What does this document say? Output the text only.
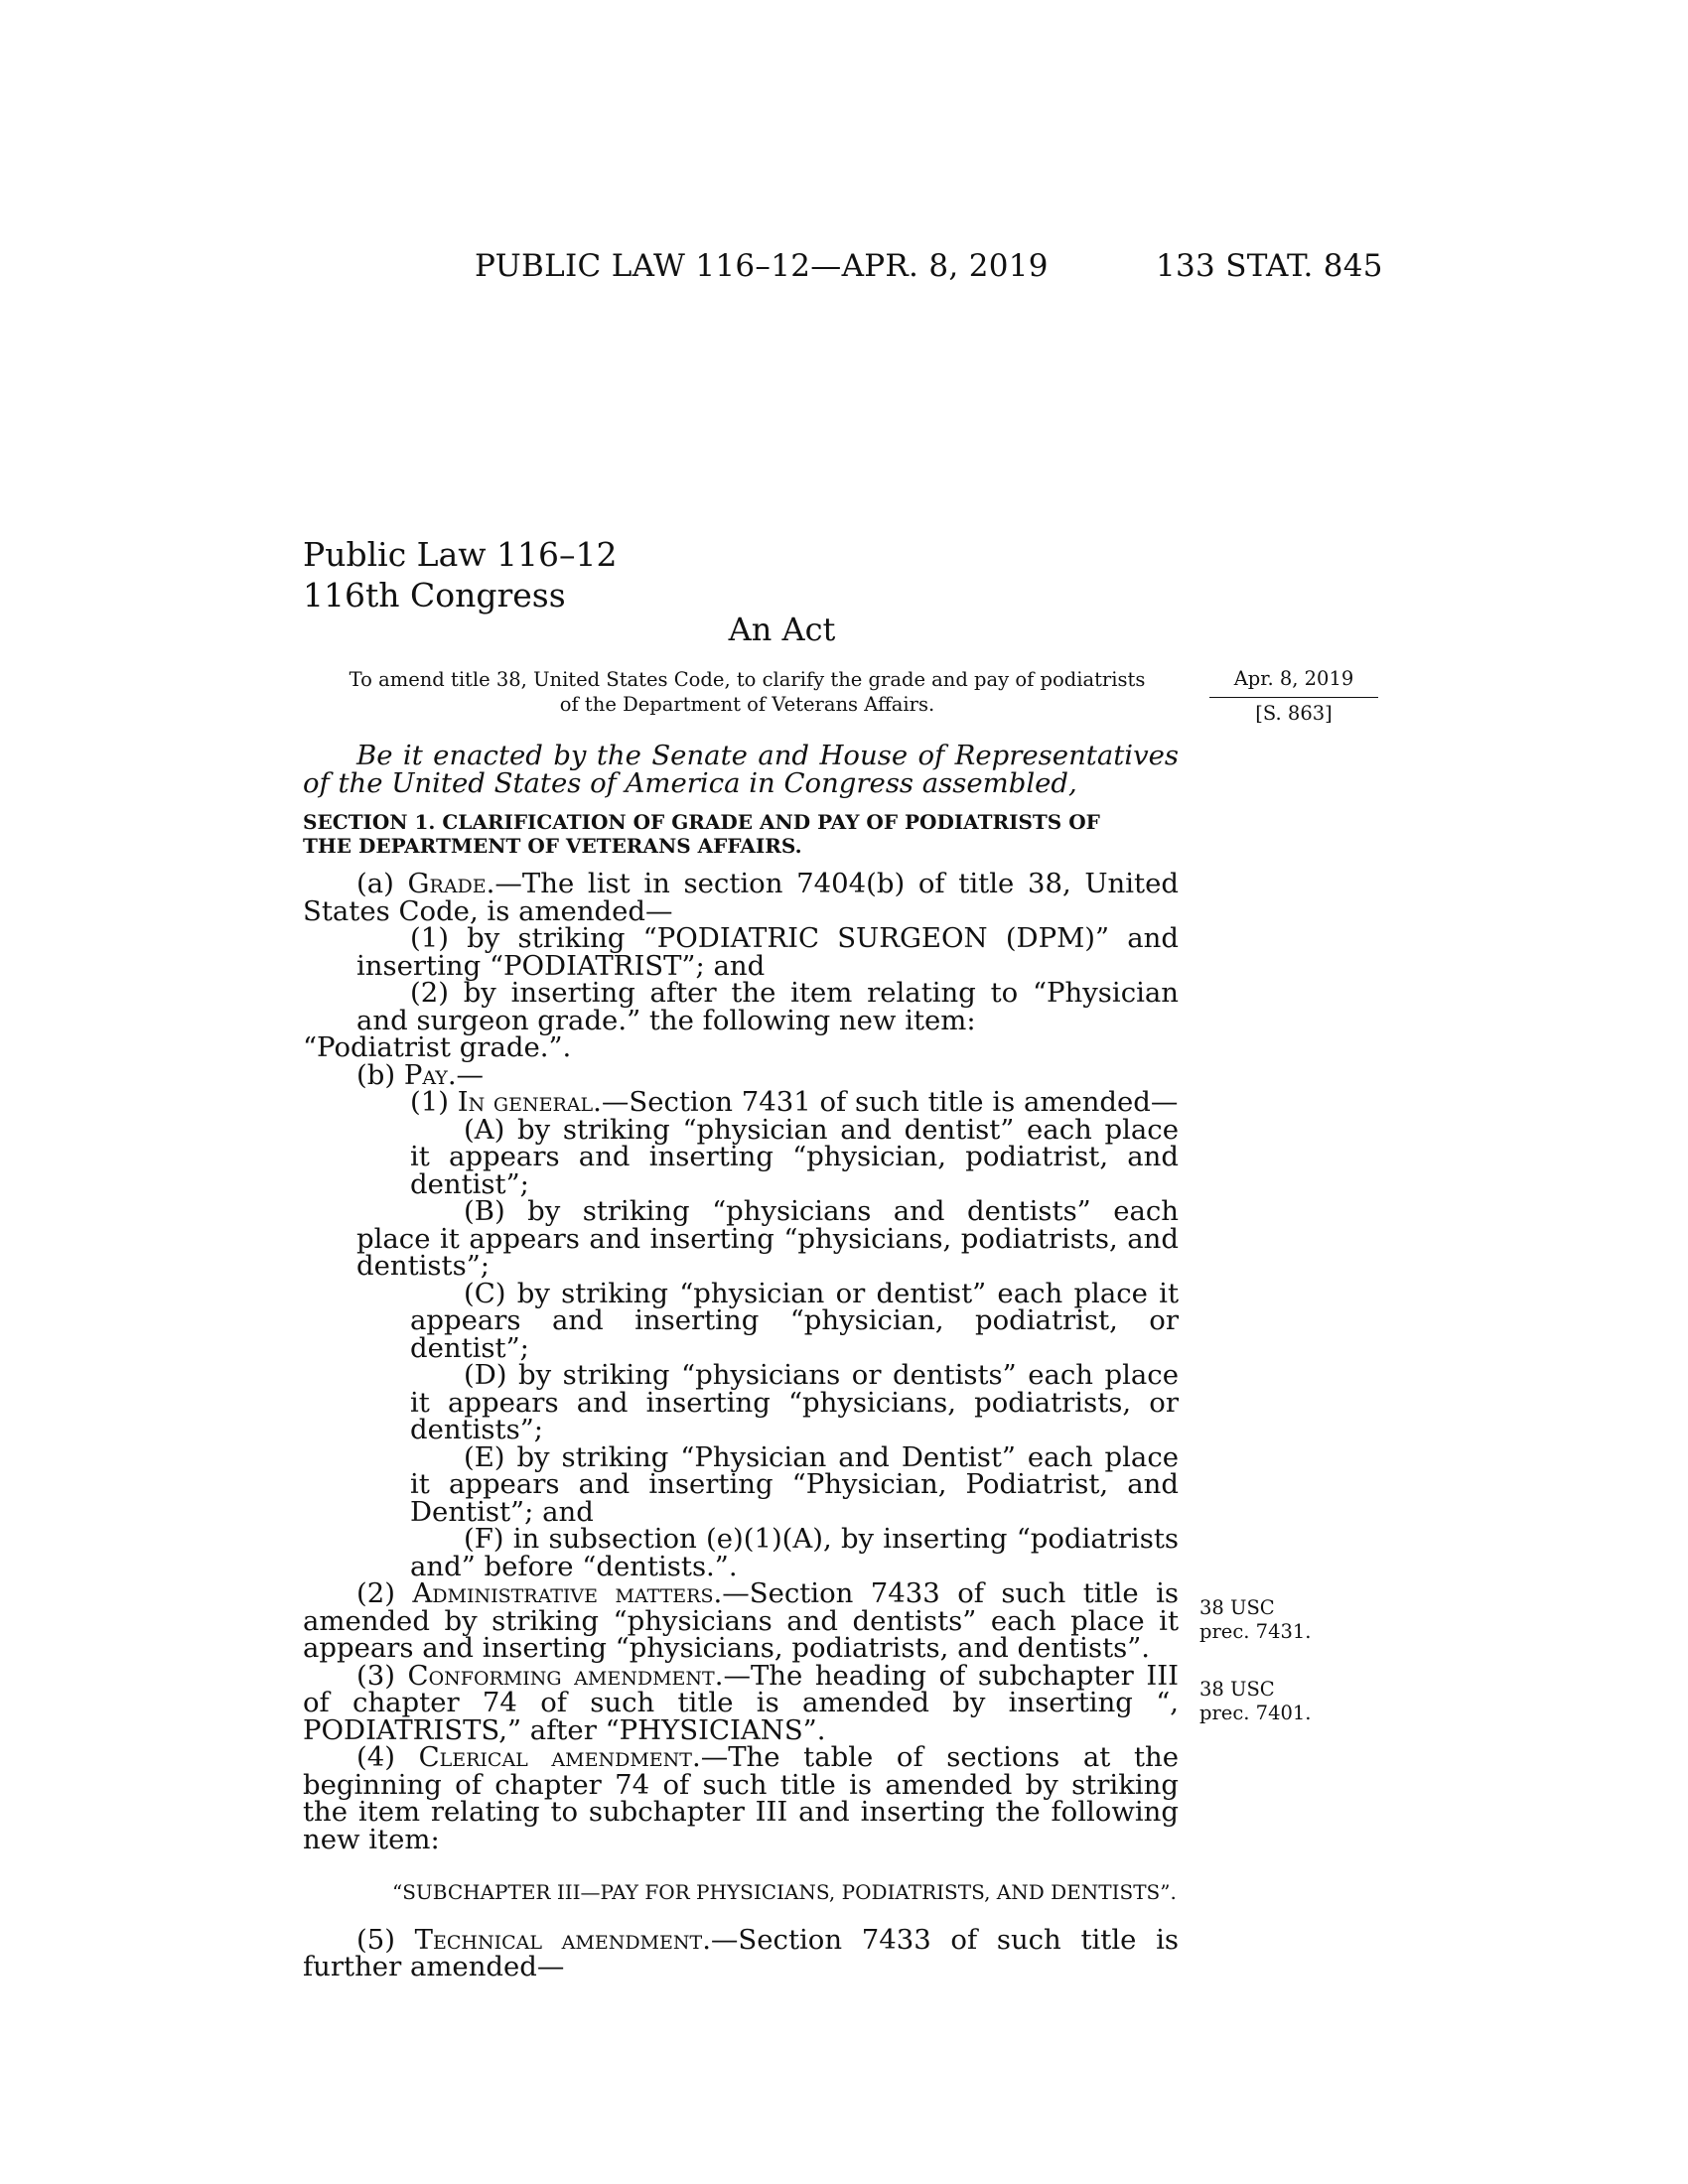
PUBLIC LAW 116–12—APR. 8, 2019	133 STAT. 845
Public Law 116–12
116th Congress
An Act
To amend title 38, United States Code, to clarify the grade and pay of podiatrists
of the Department of Veterans Affairs.
Apr. 8, 2019
[S. 863]

Be it enacted by the Senate and House of Representatives of the United States of America in Congress assembled,

SECTION 1. CLARIFICATION OF GRADE AND PAY OF PODIATRISTS OF
THE DEPARTMENT OF VETERANS AFFAIRS.

(a) Grade.—The list in section 7404(b) of title 38, United States Code, is amended—

(1) by striking “PODIATRIC SURGEON (DPM)” and inserting “PODIATRIST”; and

(2) by inserting after the item relating to “Physician and surgeon grade.” the following new item:

“Podiatrist grade.”.

(b) Pay.—

(1) In general.—Section 7431 of such title is amended—

(A) by striking “physician and dentist” each place it appears and inserting “physician, podiatrist, and dentist”;

(B) by striking “physicians and dentists” each place it appears and inserting “physicians, podiatrists, and dentists”;

(C) by striking “physician or dentist” each place it appears and inserting “physician, podiatrist, or dentist”;

(D) by striking “physicians or dentists” each place it appears and inserting “physicians, podiatrists, or dentists”;

(E) by striking “Physician and Dentist” each place it appears and inserting “Physician, Podiatrist, and Dentist”; and

(F) in subsection (e)(1)(A), by inserting “podiatrists and” before “dentists.”.

(2) Administrative matters.—Section 7433 of such title is amended by striking “physicians and dentists” each place it appears and inserting “physicians, podiatrists, and dentists”.

(3) Conforming amendment.—The heading of subchapter III of chapter 74 of such title is amended by inserting “, PODIATRISTS,” after “PHYSICIANS”.

(4) Clerical amendment.—The table of sections at the beginning of chapter 74 of such title is amended by striking the item relating to subchapter III and inserting the following new item:

“SUBCHAPTER III—PAY FOR PHYSICIANS, PODIATRISTS, AND DENTISTS”.

(5) Technical amendment.—Section 7433 of such title is further amended—

38 USC
prec. 7431.
38 USC
prec. 7401.
